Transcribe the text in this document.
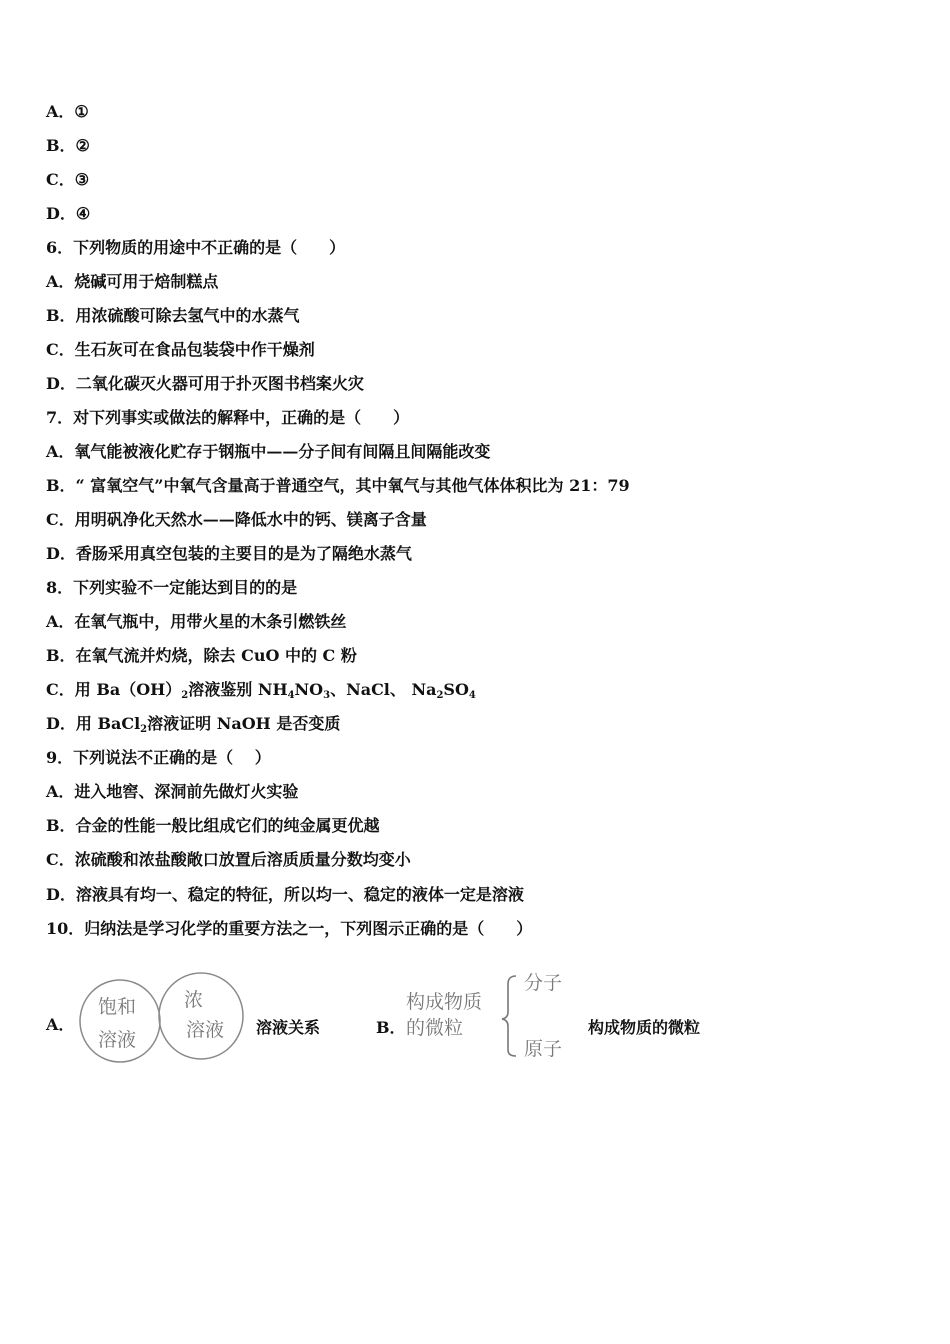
A．①
B．②
C．③
D．④
6．下列物质的用途中不正确的是（　　）
A．烧碱可用于焙制糕点
B．用浓硫酸可除去氢气中的水蒸气
C．生石灰可在食品包装袋中作干燥剂
D．二氧化碳灭火器可用于扑灭图书档案火灾
7．对下列事实或做法的解释中，正确的是（　　）
A．氧气能被液化贮存于钢瓶中——分子间有间隔且间隔能改变
B．“ 富氧空气”中氧气含量高于普通空气，其中氧气与其他气体体积比为 21：79
C．用明矾净化天然水——降低水中的钙、镁离子含量
D．香肠采用真空包装的主要目的是为了隔绝水蒸气
8．下列实验不一定能达到目的的是
A．在氧气瓶中，用带火星的木条引燃铁丝
B．在氧气流并灼烧，除去 CuO 中的 C 粉
C．用 $Ba(OH)_2$溶液鉴别 $NH_4NO_3$、NaCl、 $Na_2SO_4$
D．用 BaCl$_2$溶液证明 NaOH 是否变质
9．下列说法不正确的是（　 ）
A．进入地窖、深洞前先做灯火实验
B．合金的性能一般比组成它们的纯金属更优越
C．浓硫酸和浓盐酸敞口放置后溶质质量分数均变小
D．溶液具有均一、稳定的特征，所以均一、稳定的液体一定是溶液
10．归纳法是学习化学的重要方法之一，下列图示正确的是（　　）
A．
饱和
溶液
浓
溶液 溶液关系	B．
构成物质
的微粒
分子
原子
构成物质的微粒
